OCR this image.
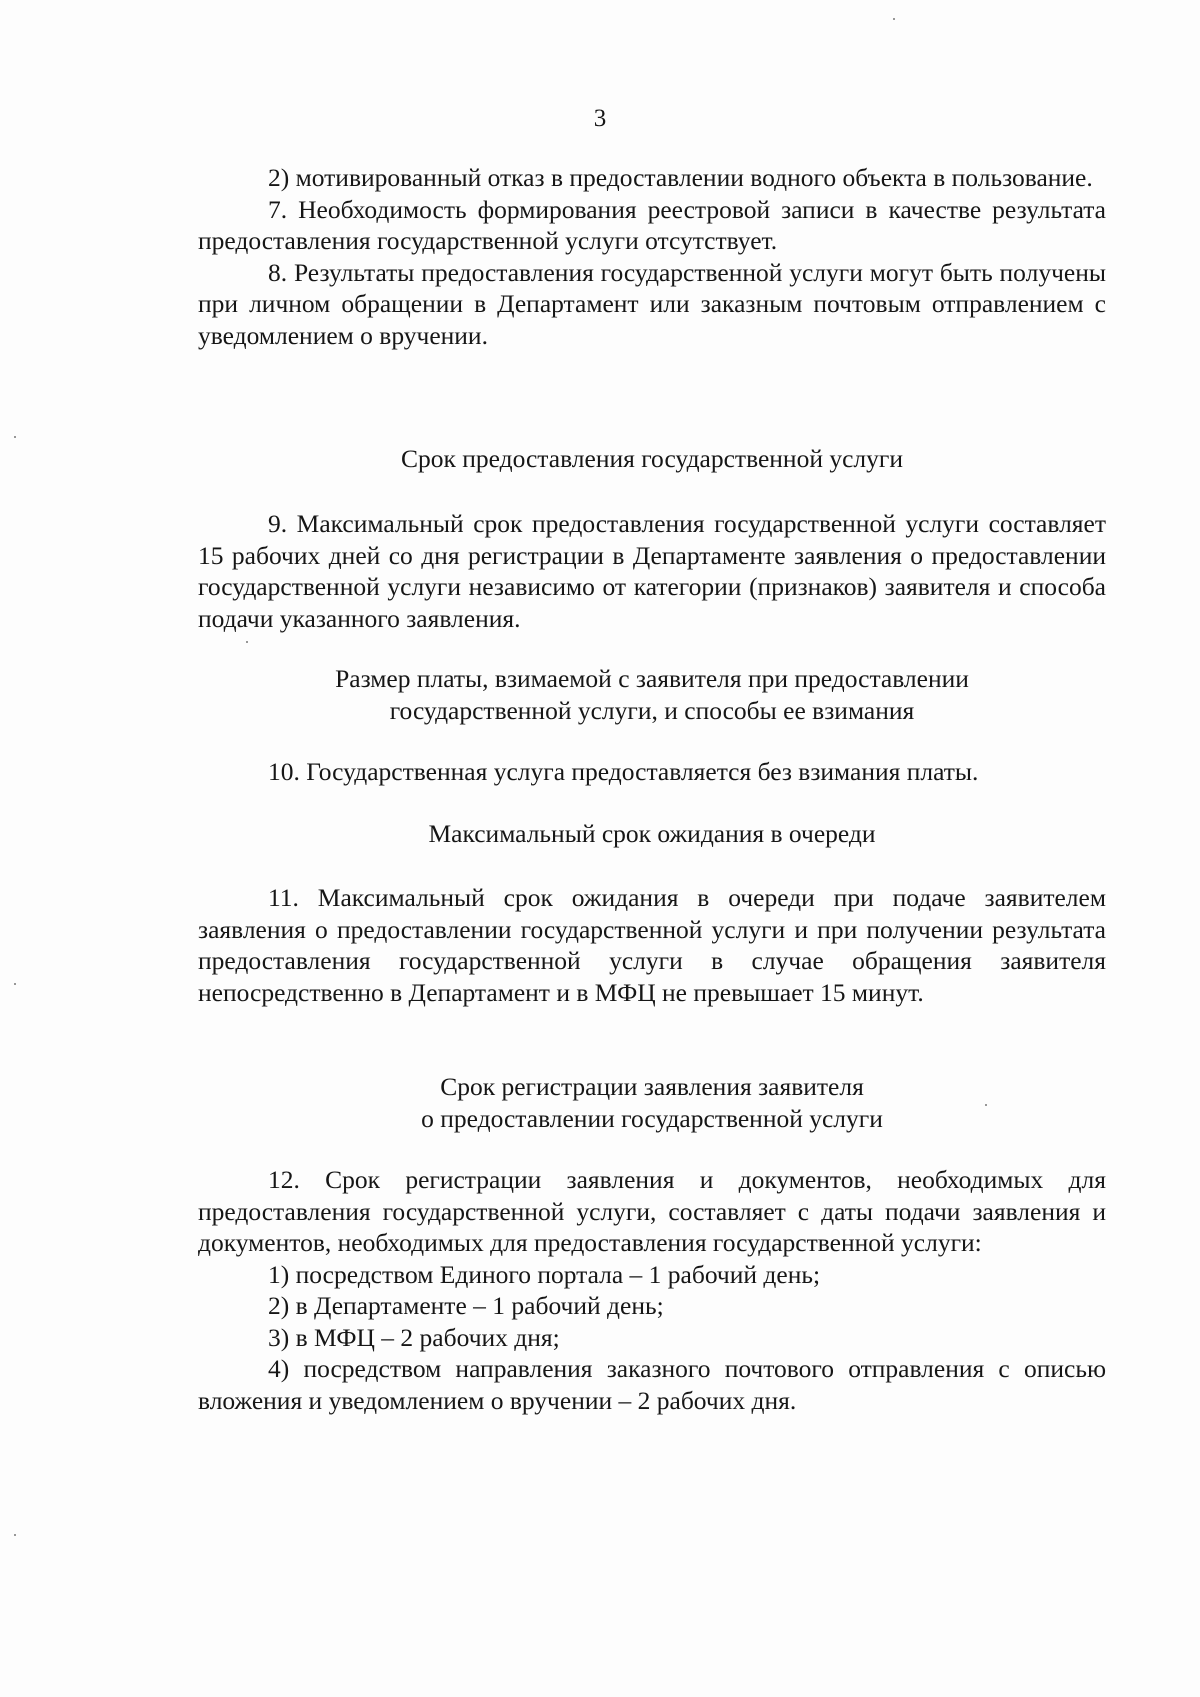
3

2) мотивированный отказ в предоставлении водного объекта в пользование.

7. Необходимость формирования реестровой записи в качестве результата предоставления государственной услуги отсутствует.

8. Результаты предоставления государственной услуги могут быть получены при личном обращении в Департамент или заказным почтовым отправлением с уведомлением о вручении.

Срок предоставления государственной услуги

9. Максимальный срок предоставления государственной услуги составляет 15 рабочих дней со дня регистрации в Департаменте заявления о предоставлении государственной услуги независимо от категории (признаков) заявителя и способа подачи указанного заявления.

Размер платы, взимаемой с заявителя при предоставлении

государственной услуги, и способы ее взимания

10. Государственная услуга предоставляется без взимания платы.

Максимальный срок ожидания в очереди

11. Максимальный срок ожидания в очереди при подаче заявителем заявления о предоставлении государственной услуги и при получении результата предоставления государственной услуги в случае обращения заявителя непосредственно в Департамент и в МФЦ не превышает 15 минут.

Срок регистрации заявления заявителя

о предоставлении государственной услуги

12. Срок регистрации заявления и документов, необходимых для предоставления государственной услуги, составляет с даты подачи заявления и документов, необходимых для предоставления государственной услуги:

1) посредством Единого портала – 1 рабочий день;

2) в Департаменте – 1 рабочий день;

3) в МФЦ – 2 рабочих дня;

4) посредством направления заказного почтового отправления с описью вложения и уведомлением о вручении – 2 рабочих дня.
